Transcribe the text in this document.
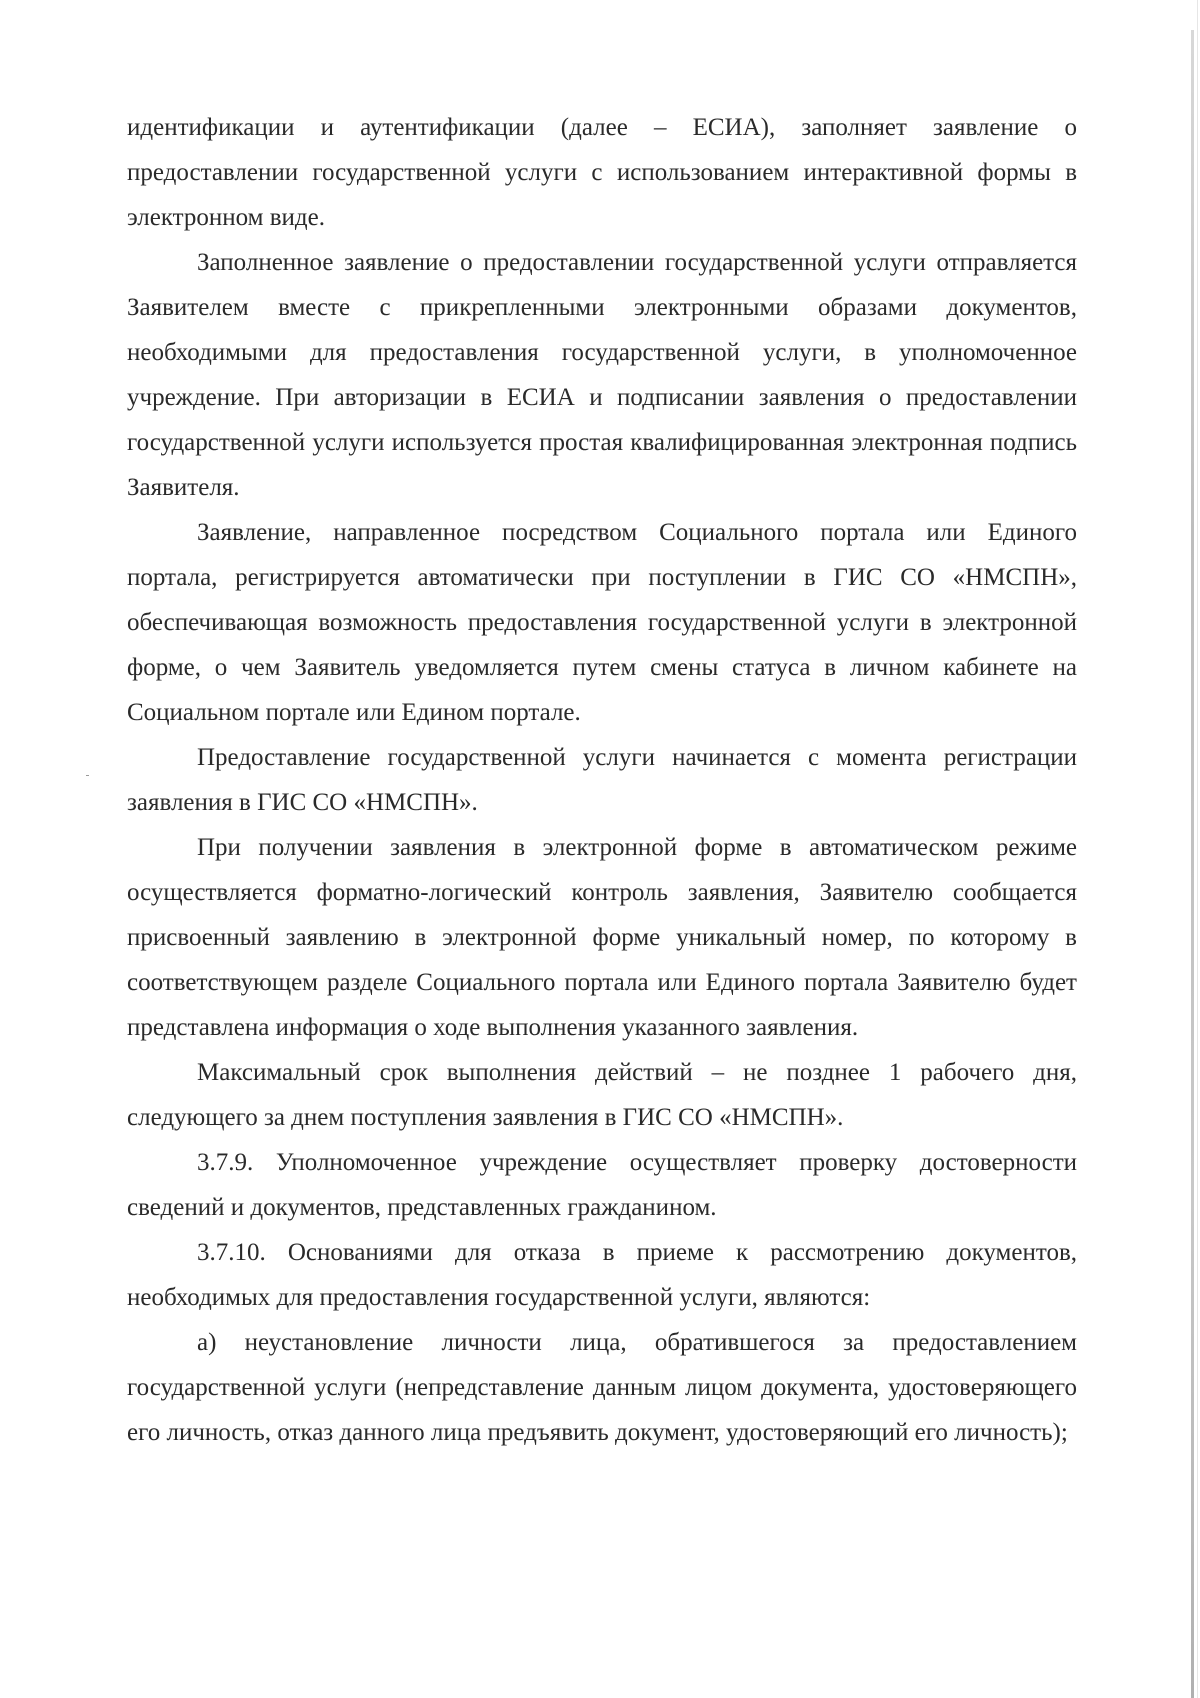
идентификации и аутентификации (далее – ЕСИА), заполняет заявление о предоставлении государственной услуги с использованием интерактивной формы в электронном виде.

Заполненное заявление о предоставлении государственной услуги отправляется Заявителем вместе с прикрепленными электронными образами документов, необходимыми для предоставления государственной услуги, в уполномоченное учреждение. При авторизации в ЕСИА и подписании заявления о предоставлении государственной услуги используется простая квалифицированная электронная подпись Заявителя.

Заявление, направленное посредством Социального портала или Единого портала, регистрируется автоматически при поступлении в ГИС СО «НМСПН», обеспечивающая возможность предоставления государственной услуги в электронной форме, о чем Заявитель уведомляется путем смены статуса в личном кабинете на Социальном портале или Едином портале.

Предоставление государственной услуги начинается с момента регистрации заявления в ГИС СО «НМСПН».

При получении заявления в электронной форме в автоматическом режиме осуществляется форматно-логический контроль заявления, Заявителю сообщается присвоенный заявлению в электронной форме уникальный номер, по которому в соответствующем разделе Социального портала или Единого портала Заявителю будет представлена информация о ходе выполнения указанного заявления.

Максимальный срок выполнения действий – не позднее 1 рабочего дня, следующего за днем поступления заявления в ГИС СО «НМСПН».

3.7.9. Уполномоченное учреждение осуществляет проверку достоверности сведений и документов, представленных гражданином.

3.7.10. Основаниями для отказа в приеме к рассмотрению документов, необходимых для предоставления государственной услуги, являются:

а) неустановление личности лица, обратившегося за предоставлением государственной услуги (непредставление данным лицом документа, удостоверяющего его личность, отказ данного лица предъявить документ, удостоверяющий его личность);
